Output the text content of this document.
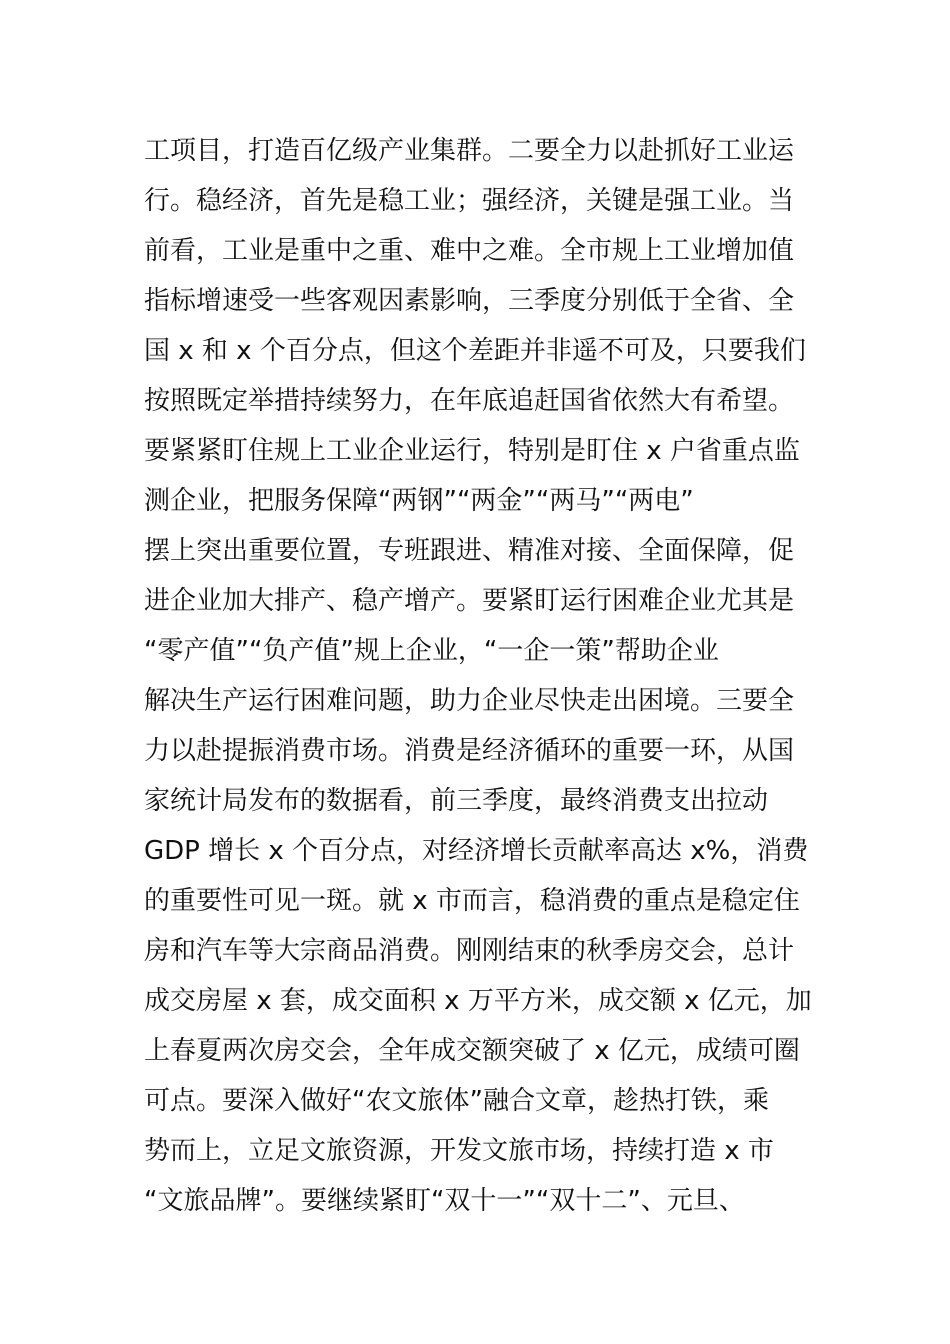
工项目，打造百亿级产业集群。二要全力以赴抓好工业运
行。稳经济，首先是稳工业；强经济，关键是强工业。当
前看，工业是重中之重、难中之难。全市规上工业增加值
指标增速受一些客观因素影响，三季度分别低于全省、全
国 x 和 x 个百分点，但这个差距并非遥不可及，只要我们
按照既定举措持续努力，在年底追赶国省依然大有希望。
要紧紧盯住规上工业企业运行，特别是盯住 x 户省重点监
测企业，把服务保障“两钢”“两金”“两马”“两电”
摆上突出重要位置，专班跟进、精准对接、全面保障，促
进企业加大排产、稳产增产。要紧盯运行困难企业尤其是
“零产值”“负产值”规上企业，“一企一策”帮助企业
解决生产运行困难问题，助力企业尽快走出困境。三要全
力以赴提振消费市场。消费是经济循环的重要一环，从国
家统计局发布的数据看，前三季度，最终消费支出拉动
GDP 增长 x 个百分点，对经济增长贡献率高达 x%，消费
的重要性可见一斑。就 x 市而言，稳消费的重点是稳定住
房和汽车等大宗商品消费。刚刚结束的秋季房交会，总计
成交房屋 x 套，成交面积 x 万平方米，成交额 x 亿元，加
上春夏两次房交会，全年成交额突破了 x 亿元，成绩可圈
可点。要深入做好“农文旅体”融合文章，趁热打铁，乘
势而上，立足文旅资源，开发文旅市场，持续打造 x 市
“文旅品牌”。要继续紧盯“双十一”“双十二”、元旦、
